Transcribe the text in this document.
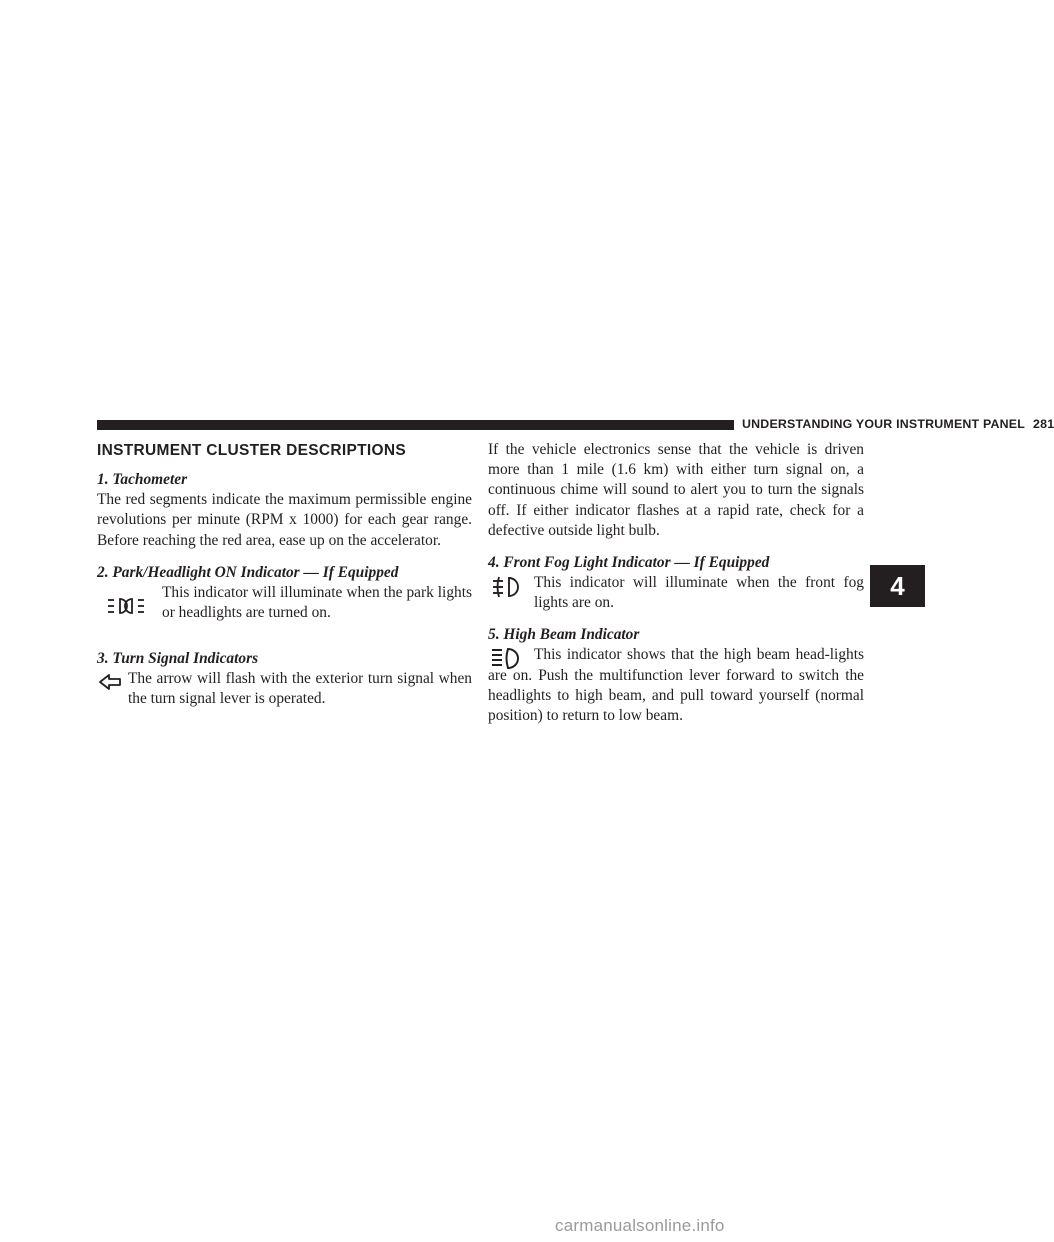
UNDERSTANDING YOUR INSTRUMENT PANEL 281
INSTRUMENT CLUSTER DESCRIPTIONS
1. Tachometer

The red segments indicate the maximum permissible engine revolutions per minute (RPM x 1000) for each gear range. Before reaching the red area, ease up on the accelerator.

2. Park/Headlight ON Indicator — If Equipped

This indicator will illuminate when the park lights or headlights are turned on.

3. Turn Signal Indicators

The arrow will flash with the exterior turn signal when the turn signal lever is operated.

If the vehicle electronics sense that the vehicle is driven more than 1 mile (1.6 km) with either turn signal on, a continuous chime will sound to alert you to turn the signals off. If either indicator flashes at a rapid rate, check for a defective outside light bulb.

4. Front Fog Light Indicator — If Equipped

This indicator will illuminate when the front fog lights are on.

5. High Beam Indicator

This indicator shows that the high beam head-lights are on. Push the multifunction lever forward to switch the headlights to high beam, and pull toward yourself (normal position) to return to low beam.

4
carmanualsonline.info
